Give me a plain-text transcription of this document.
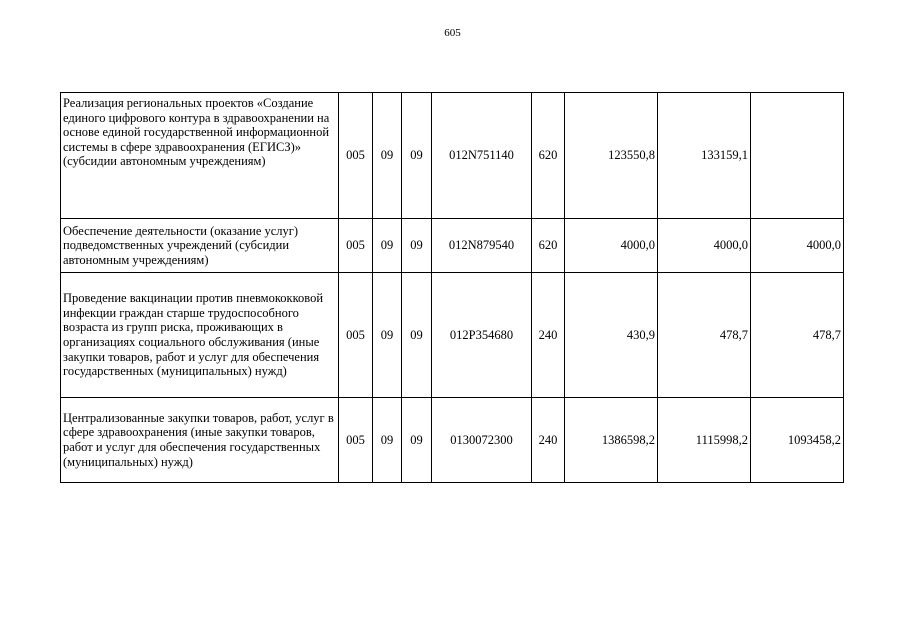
605
Реализация региональных проектов «Создание единого цифрового контура в здравоохранении на основе единой государственной информационной системы в сфере здравоохранения (ЕГИСЗ)» (субсидии автономным учреждениям)	005	09	09	012N751140	620	123550,8	133159,1	
Обеспечение деятельности (оказание услуг) подведомственных учреждений (субсидии автономным учреждениям)	005	09	09	012N879540	620	4000,0	4000,0	4000,0
Проведение вакцинации против пневмококковой инфекции граждан старше трудоспособного возраста из групп риска, проживающих в организациях социального обслуживания (иные закупки товаров, работ и услуг для обеспечения государственных (муниципальных) нужд)	005	09	09	012P354680	240	430,9	478,7	478,7
Централизованные закупки товаров, работ, услуг в сфере здравоохранения (иные закупки товаров, работ и услуг для обеспечения государственных (муниципальных) нужд)	005	09	09	0130072300	240	1386598,2	1115998,2	1093458,2
